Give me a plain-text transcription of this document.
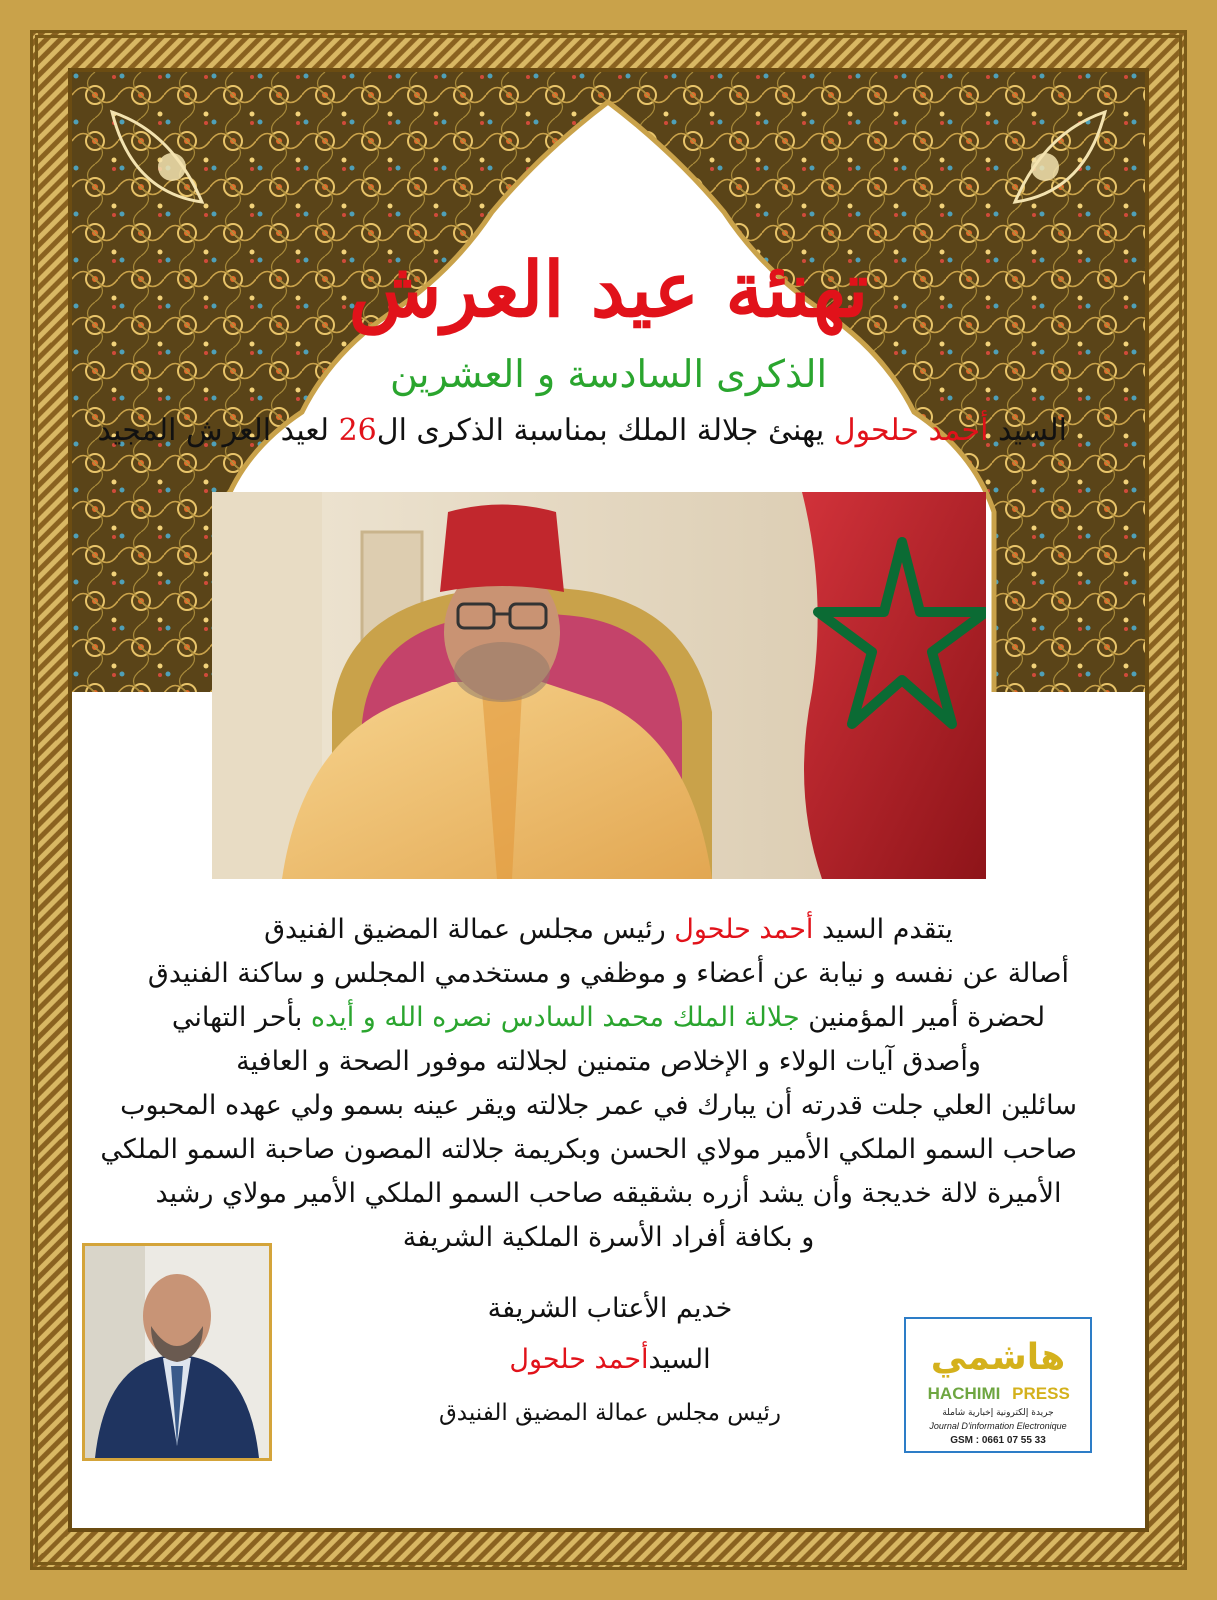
تهنئة عيد العرش
الذكرى السادسة و العشرين
السيد أحمد حلحول يهنئ جلالة الملك بمناسبة الذكرى ال26 لعيد العرش المجيد
يتقدم السيد أحمد حلحول رئيس مجلس عمالة المضيق الفنيدق
أصالة عن نفسه و نيابة عن أعضاء و موظفي و مستخدمي المجلس و ساكنة الفنيدق
لحضرة أمير المؤمنين جلالة الملك محمد السادس نصره الله و أيده بأحر التهاني
وأصدق آيات الولاء و الإخلاص متمنين لجلالته موفور الصحة و العافية
سائلين العلي جلت قدرته أن يبارك في عمر جلالته ويقر عينه بسمو ولي عهده المحبوب
صاحب السمو الملكي الأمير مولاي الحسن وبكريمة جلالته المصون صاحبة السمو الملكي
الأميرة لالة خديجة وأن يشد أزره بشقيقه صاحب السمو الملكي الأمير مولاي رشيد
و بكافة أفراد الأسرة الملكية الشريفة
خديم الأعتاب الشريفة
السيدأحمد حلحول
رئيس مجلس عمالة المضيق الفنيدق
هاشمي
HACHIMI PRESS
جريدة إلكترونية إخبارية شاملة
Journal D'information Electronique
GSM : 0661 07 55 33
